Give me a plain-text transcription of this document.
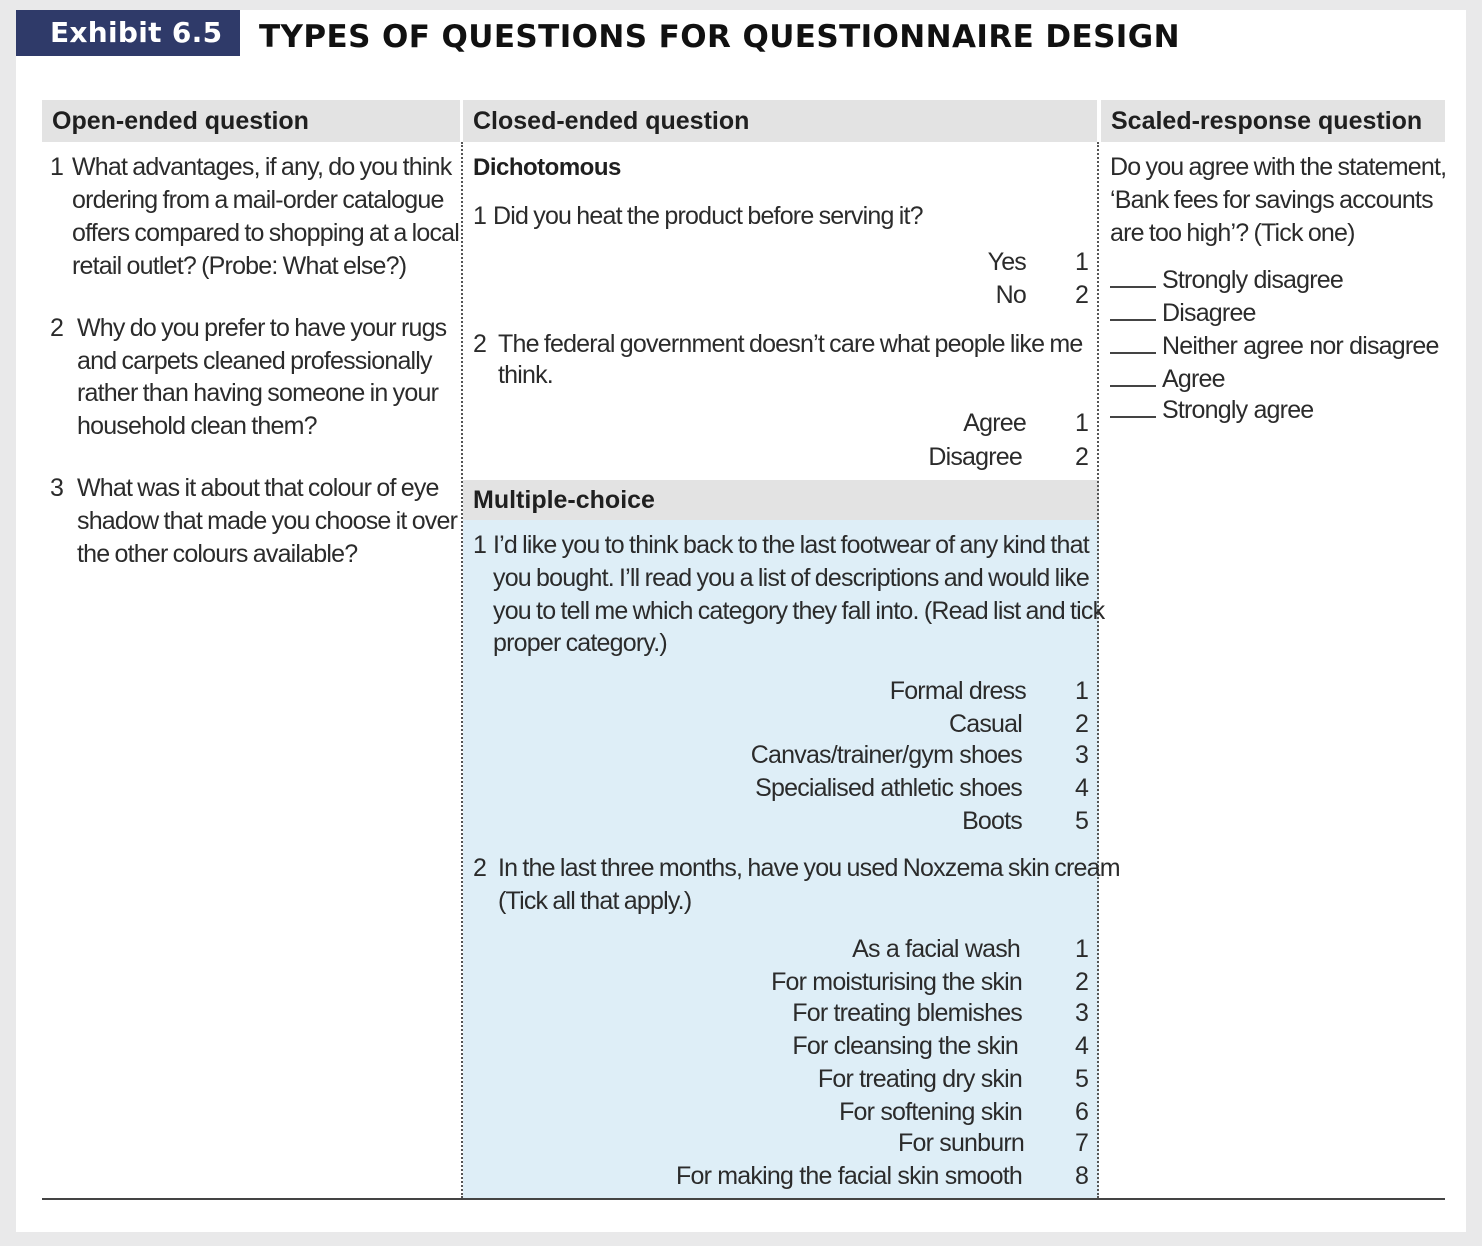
Exhibit 6.5	TYPES OF QUESTIONS FOR QUESTIONNAIRE DESIGN
Open-ended question	Closed-ended question	Scaled-response question
Multiple-choice
1 What advantages, if any, do you think
ordering from a mail-order catalogue
offers compared to shopping at a local
retail outlet? (Probe: What else?)
2 Why do you prefer to have your rugs
and carpets cleaned professionally
rather than having someone in your
household clean them?
3 What was it about that colour of eye
shadow that made you choose it over
the other colours available?
Dichotomous
1 Did you heat the product before serving it?
Yes 1
No 2
2 The federal government doesn’t care what people like me
think.
Agree 1
Disagree 2
1 I’d like you to think back to the last footwear of any kind that
you bought. I’ll read you a list of descriptions and would like
you to tell me which category they fall into. (Read list and tick
proper category.)
Formal dress 1
Casual 2
Canvas/trainer/gym shoes 3
Specialised athletic shoes 4
Boots 5
2 In the last three months, have you used Noxzema skin cream
(Tick all that apply.)
As a facial wash 1
For moisturising the skin 2
For treating blemishes 3
For cleansing the skin 4
For treating dry skin 5
For softening skin 6
For sunburn 7
For making the facial skin smooth 8
Do you agree with the statement,
‘Bank fees for savings accounts
are too high’? (Tick one)
Strongly disagree
Disagree
Neither agree nor disagree
Agree
Strongly agree
